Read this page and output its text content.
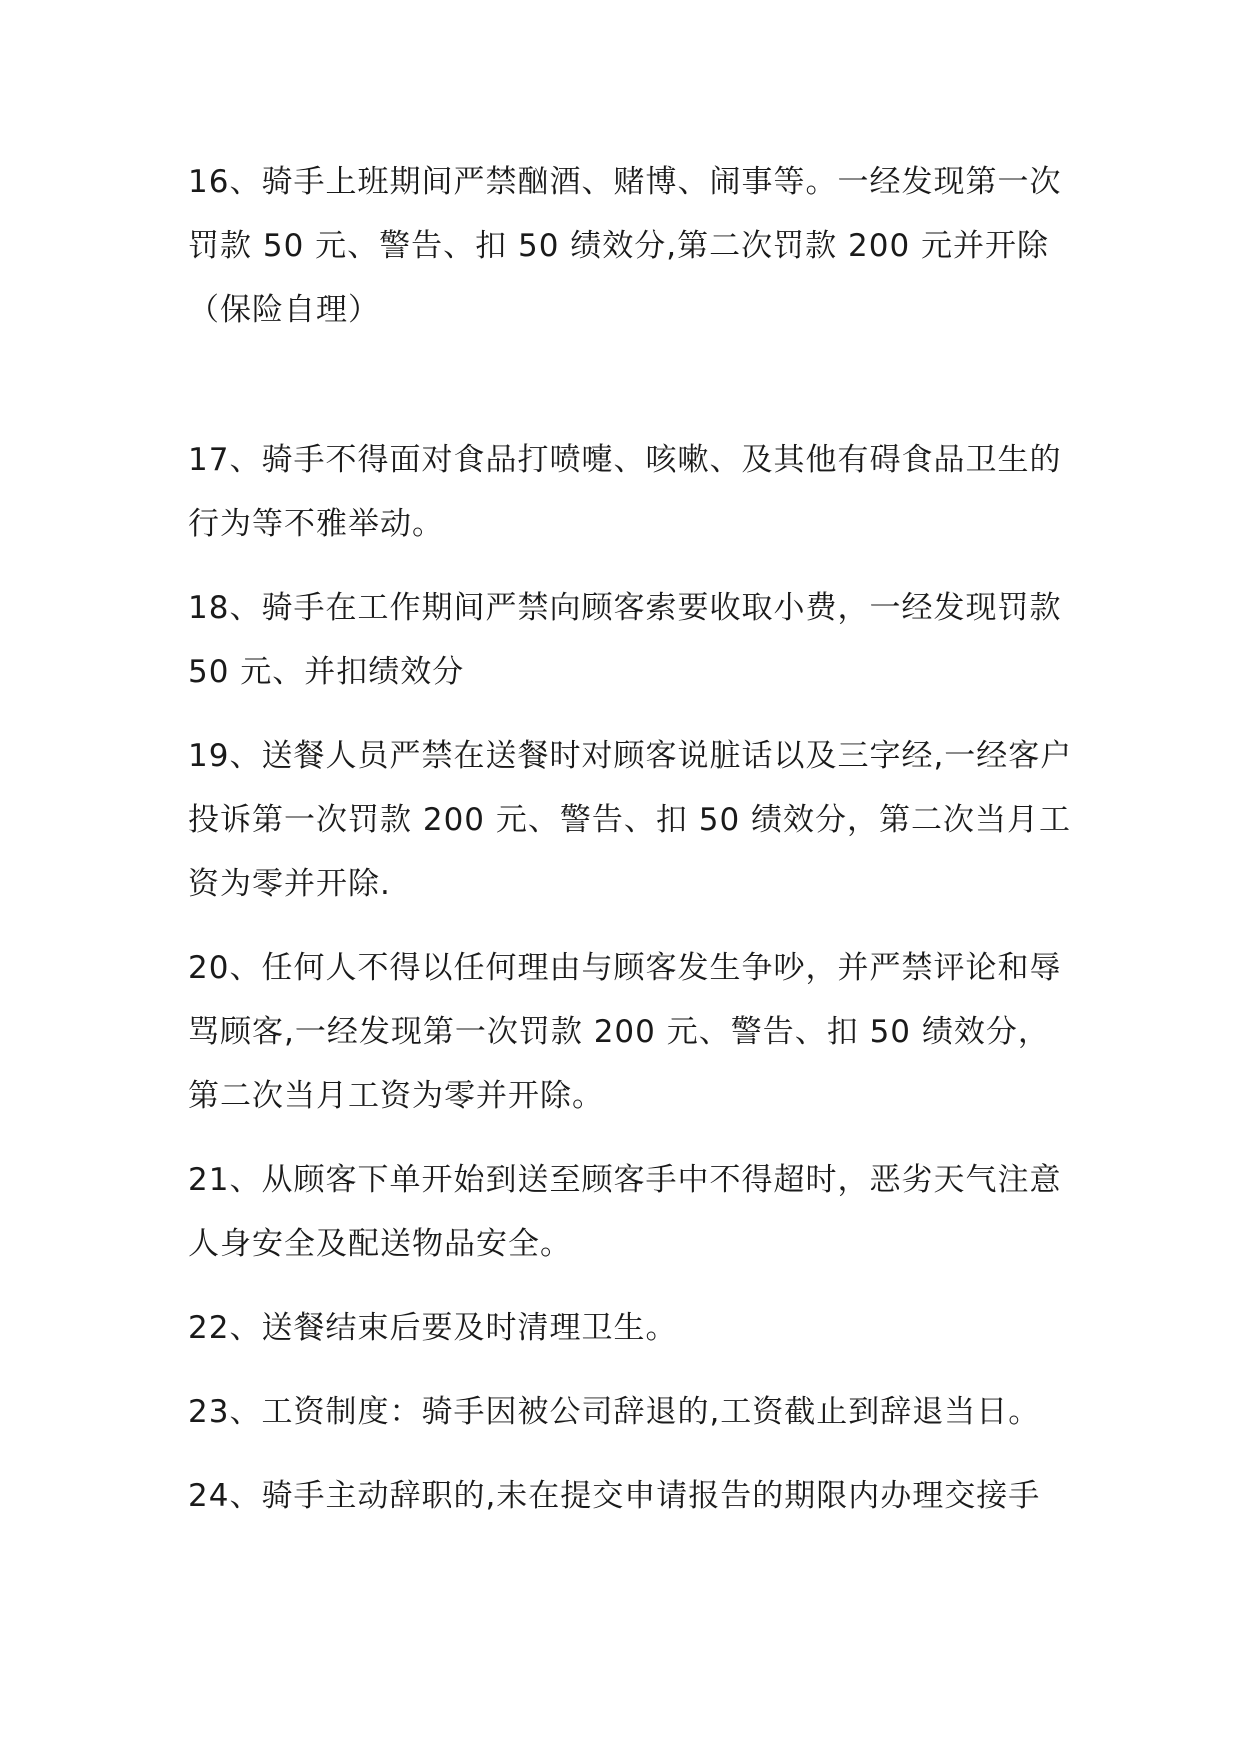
16、骑手上班期间严禁酗酒、赌博、闹事等。一经发现第一次罚款 50 元、警告、扣 50 绩效分,第二次罚款 200 元并开除（保险自理）

17、骑手不得面对食品打喷嚏、咳嗽、及其他有碍食品卫生的行为等不雅举动。

18、骑手在工作期间严禁向顾客索要收取小费，一经发现罚款 50 元、并扣绩效分

19、送餐人员严禁在送餐时对顾客说脏话以及三字经,一经客户投诉第一次罚款 200 元、警告、扣 50 绩效分，第二次当月工资为零并开除.

20、任何人不得以任何理由与顾客发生争吵，并严禁评论和辱骂顾客,一经发现第一次罚款 200 元、警告、扣 50 绩效分，第二次当月工资为零并开除。

21、从顾客下单开始到送至顾客手中不得超时，恶劣天气注意人身安全及配送物品安全。

22、送餐结束后要及时清理卫生。

23、工资制度：骑手因被公司辞退的,工资截止到辞退当日。

24、骑手主动辞职的,未在提交申请报告的期限内办理交接手
